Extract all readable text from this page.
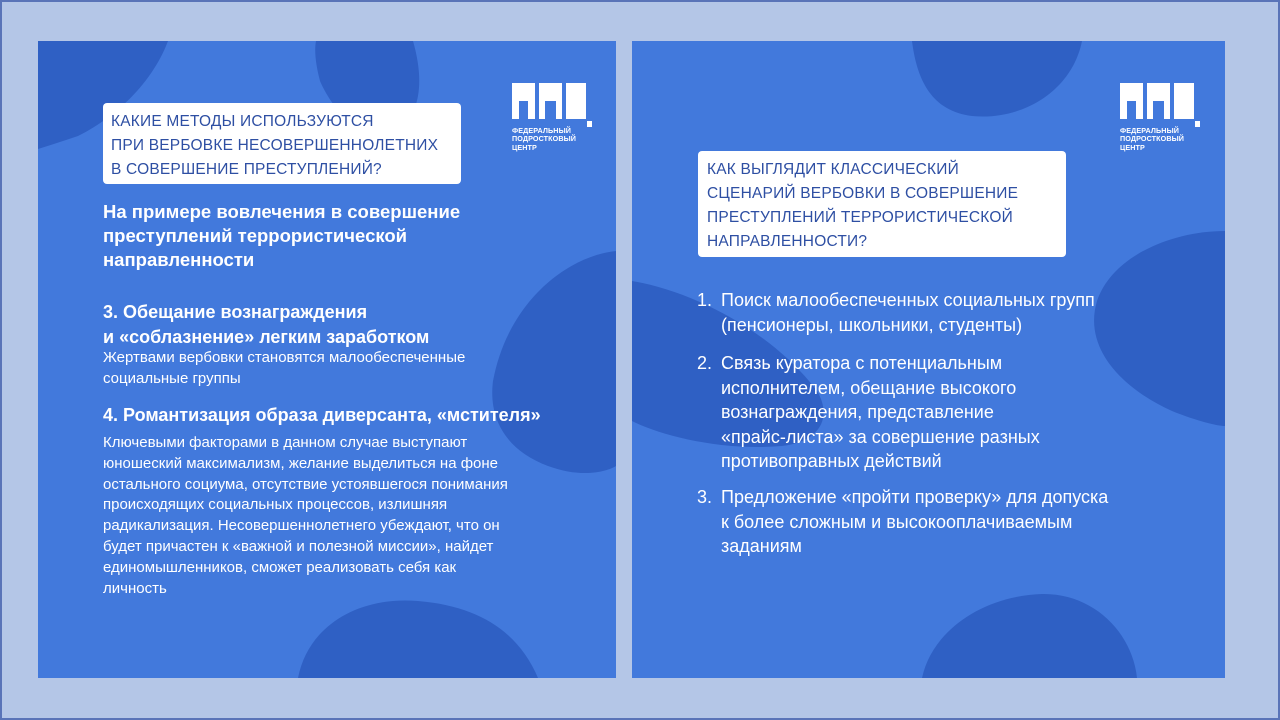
ФЕДЕРАЛЬНЫЙ
ПОДРОСТКОВЫЙ
ЦЕНТР
КАКИЕ МЕТОДЫ ИСПОЛЬЗУЮТСЯ
ПРИ ВЕРБОВКЕ НЕСОВЕРШЕННОЛЕТНИХ
В СОВЕРШЕНИЕ ПРЕСТУПЛЕНИЙ?
На примере вовлечения в совершение
преступлений террористической
направленности
3. Обещание вознаграждения
и «соблазнение» легким заработком
Жертвами вербовки становятся малообеспеченные
социальные группы
4. Романтизация образа диверсанта, «мстителя»
Ключевыми факторами в данном случае выступают
юношеский максимализм, желание выделиться на фоне
остального социума, отсутствие устоявшегося понимания
происходящих социальных процессов, излишняя
радикализация. Несовершеннолетнего убеждают, что он
будет причастен к «важной и полезной миссии», найдет
единомышленников, сможет реализовать себя как
личность
ФЕДЕРАЛЬНЫЙ
ПОДРОСТКОВЫЙ
ЦЕНТР
КАК ВЫГЛЯДИТ КЛАССИЧЕСКИЙ
СЦЕНАРИЙ ВЕРБОВКИ В СОВЕРШЕНИЕ
ПРЕСТУПЛЕНИЙ ТЕРРОРИСТИЧЕСКОЙ
НАПРАВЛЕННОСТИ?
1. Поиск малообеспеченных социальных групп
(пенсионеры, школьники, студенты)
2. Связь куратора с потенциальным
исполнителем, обещание высокого
вознаграждения, представление
«прайс-листа» за совершение разных
противоправных действий
3. Предложение «пройти проверку» для допуска
к более сложным и высокооплачиваемым
заданиям
